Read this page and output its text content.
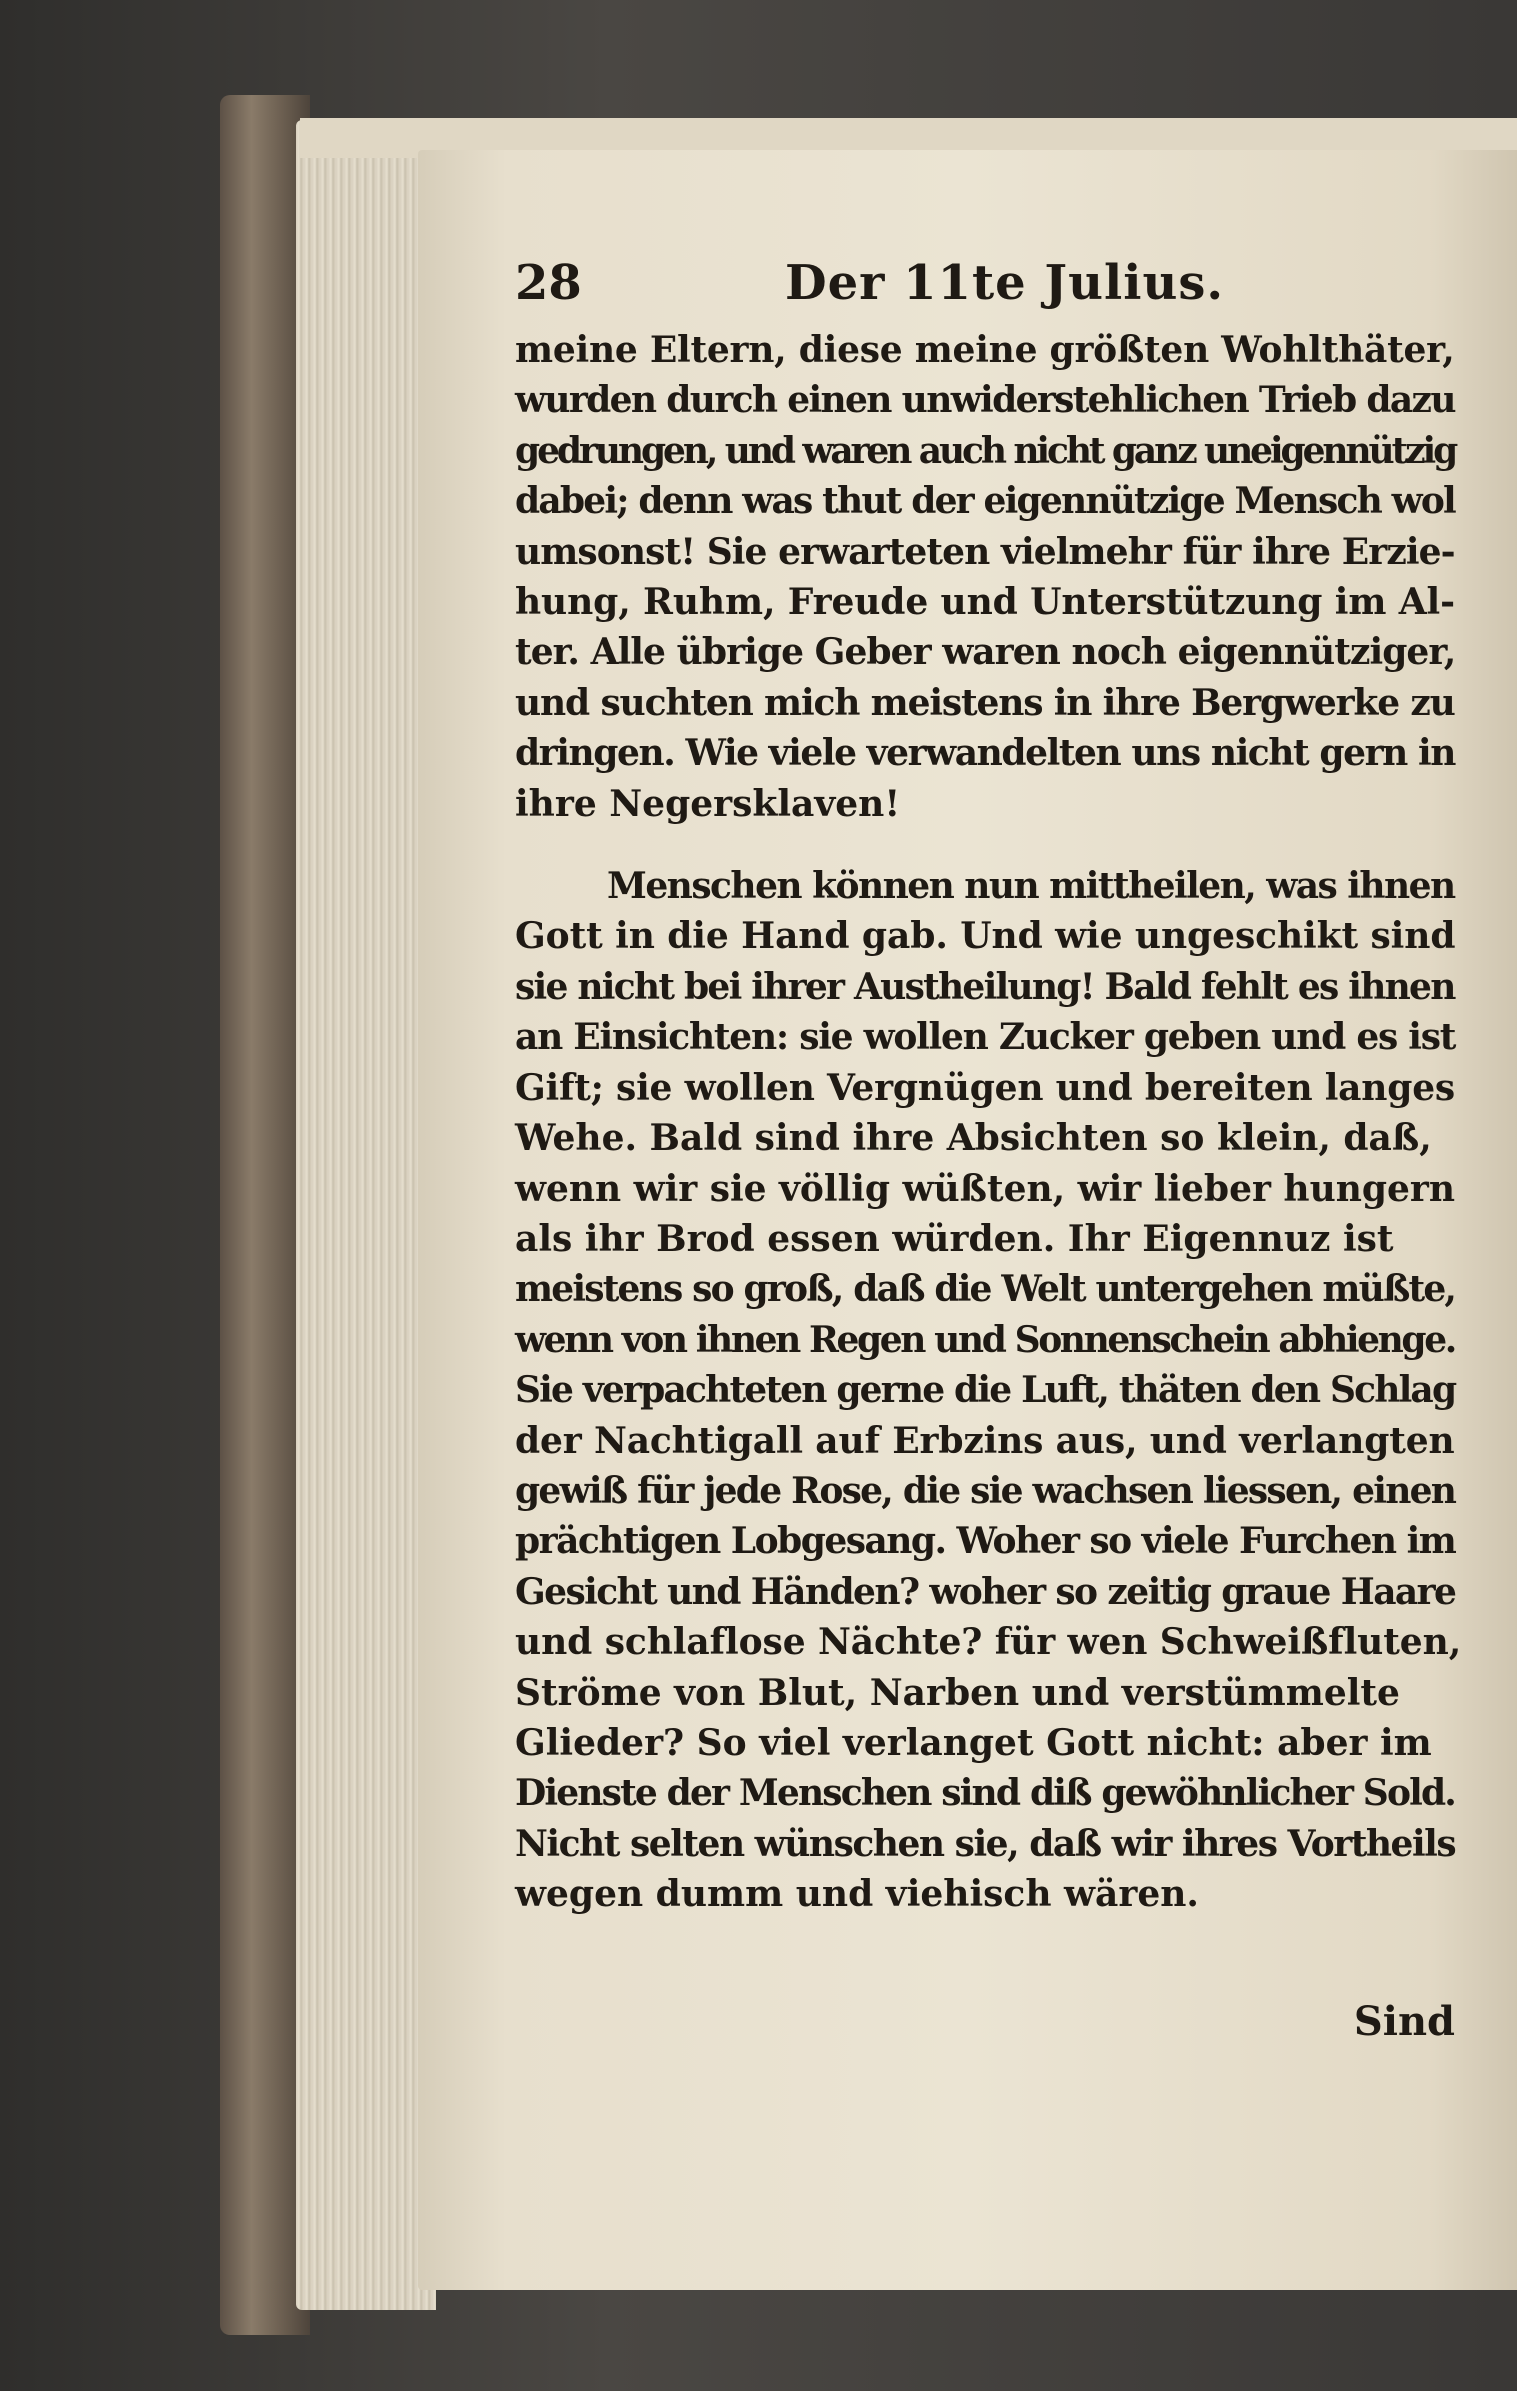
28	Der 11te Julius.

meine Eltern, diese meine größten Wohlthäter,
wurden durch einen unwiderstehlichen Trieb dazu
gedrungen, und waren auch nicht ganz uneigennützig
dabei; denn was thut der eigennützige Mensch wol
umsonst! Sie erwarteten vielmehr für ihre Erzie-
hung, Ruhm, Freude und Unterstützung im Al-
ter. Alle übrige Geber waren noch eigennütziger,
und suchten mich meistens in ihre Bergwerke zu
dringen. Wie viele verwandelten uns nicht gern in
ihre Negersklaven!

Menschen können nun mittheilen, was ihnen
Gott in die Hand gab. Und wie ungeschikt sind
sie nicht bei ihrer Austheilung! Bald fehlt es ihnen
an Einsichten: sie wollen Zucker geben und es ist
Gift; sie wollen Vergnügen und bereiten langes
Wehe. Bald sind ihre Absichten so klein, daß,
wenn wir sie völlig wüßten, wir lieber hungern
als ihr Brod essen würden. Ihr Eigennuz ist
meistens so groß, daß die Welt untergehen müßte,
wenn von ihnen Regen und Sonnenschein abhienge.
Sie verpachteten gerne die Luft, thäten den Schlag
der Nachtigall auf Erbzins aus, und verlangten
gewiß für jede Rose, die sie wachsen liessen, einen
prächtigen Lobgesang. Woher so viele Furchen im
Gesicht und Händen? woher so zeitig graue Haare
und schlaflose Nächte? für wen Schweißfluten,
Ströme von Blut, Narben und verstümmelte
Glieder? So viel verlanget Gott nicht: aber im
Dienste der Menschen sind diß gewöhnlicher Sold.
Nicht selten wünschen sie, daß wir ihres Vortheils
wegen dumm und viehisch wären.

Sind
